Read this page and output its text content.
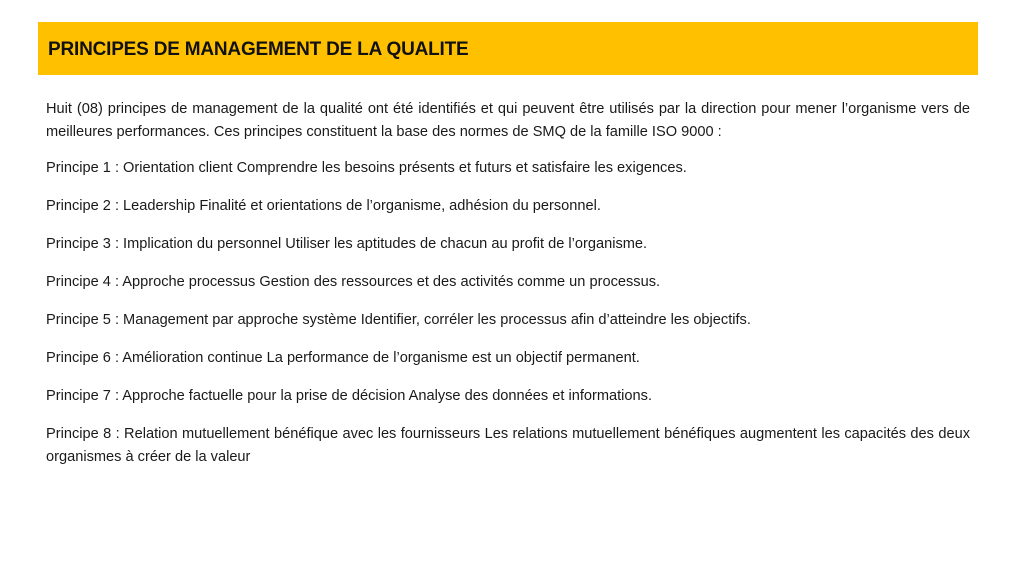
PRINCIPES DE MANAGEMENT DE LA QUALITE

Huit (08) principes de management de la qualité ont été identifiés et qui peuvent être utilisés par la direction pour mener l’organisme vers de meilleures performances. Ces principes constituent la base des normes de SMQ de la famille ISO 9000 :

Principe 1 : Orientation client Comprendre les besoins présents et futurs et satisfaire les exigences.

Principe 2 : Leadership Finalité et orientations de l’organisme, adhésion du personnel.

Principe 3 : Implication du personnel Utiliser les aptitudes de chacun au profit de l’organisme.

Principe 4 : Approche processus Gestion des ressources et des activités comme un processus.

Principe 5 : Management par approche système Identifier, corréler les processus afin d’atteindre les objectifs.

Principe 6 : Amélioration continue La performance de l’organisme est un objectif permanent.

Principe 7 : Approche factuelle pour la prise de décision Analyse des données et informations.

Principe 8 : Relation mutuellement bénéfique avec les fournisseurs Les relations mutuellement bénéfiques augmentent les capacités des deux organismes à créer de la valeur
